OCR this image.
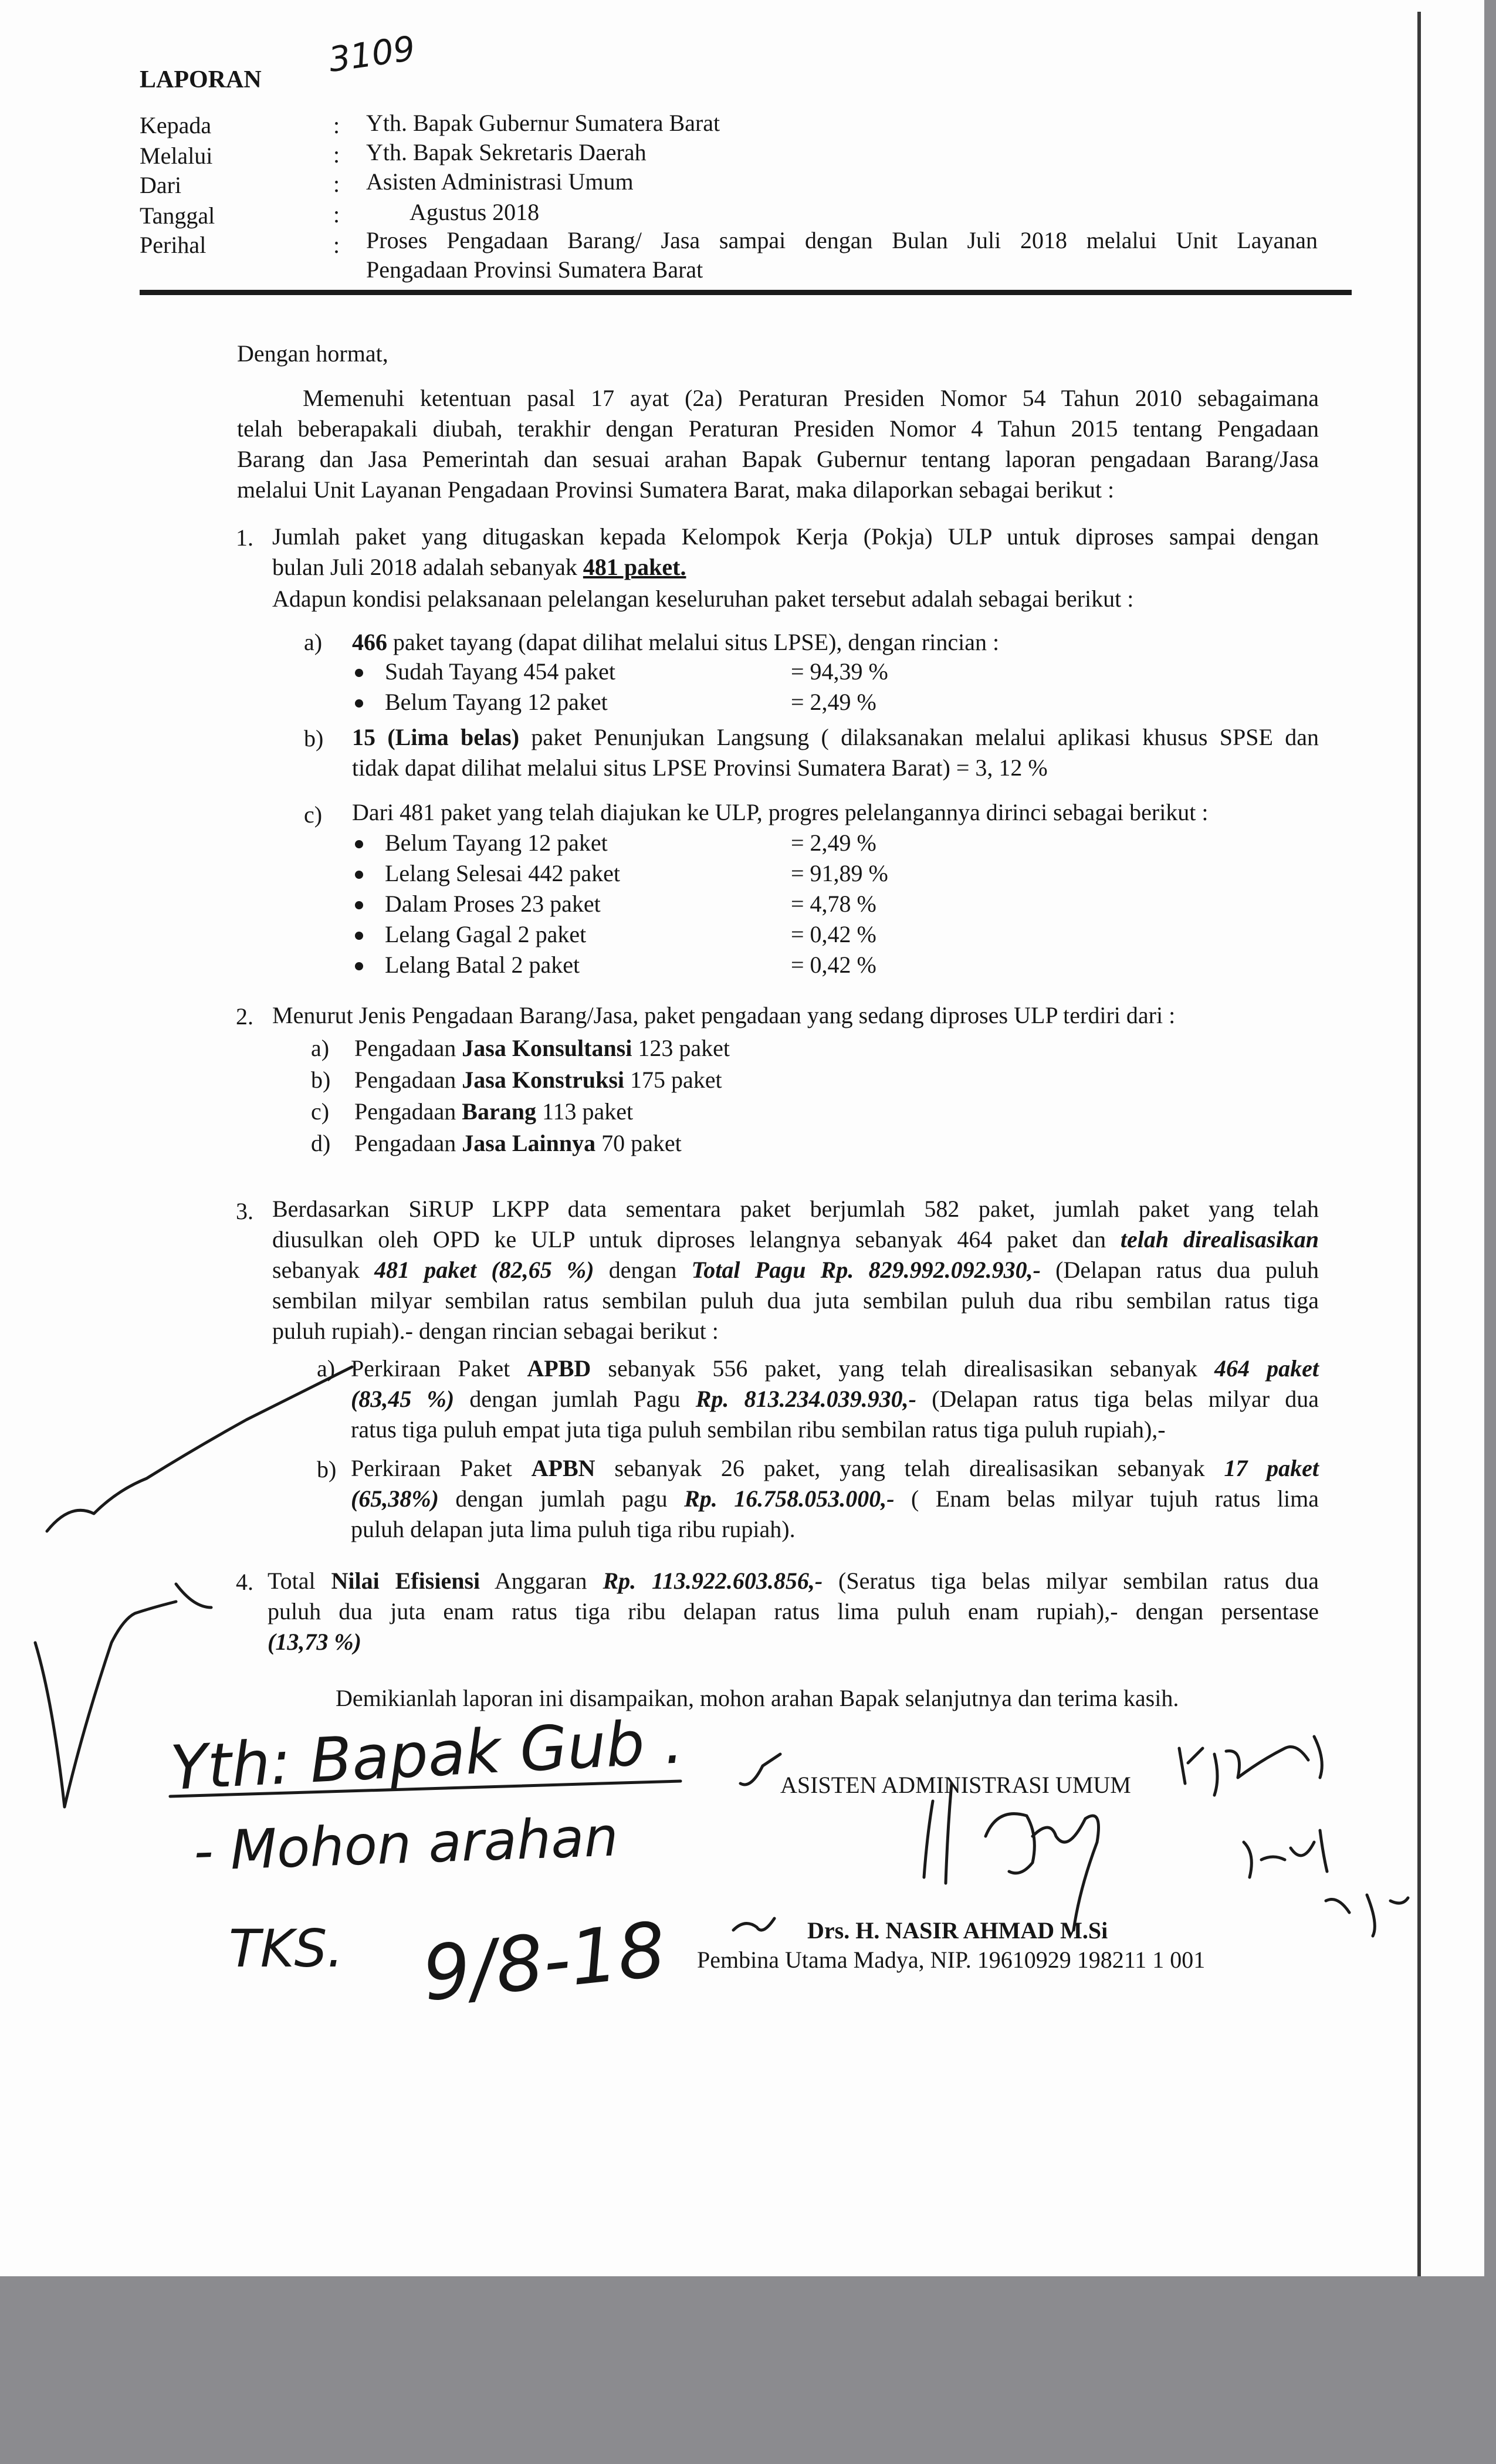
3109
LAPORAN
Kepada	: Yth. Bapak Gubernur Sumatera Barat
Melalui	: Yth. Bapak Sekretaris Daerah
Dari	: Asisten Administrasi Umum
Tanggal	:	Agustus 2018
Perihal	: Proses Pengadaan Barang/ Jasa sampai dengan Bulan Juli 2018 melalui Unit Layanan
Pengadaan Provinsi Sumatera Barat
Dengan hormat,
Memenuhi ketentuan pasal 17 ayat (2a) Peraturan Presiden Nomor 54 Tahun 2010 sebagaimana
telah beberapakali diubah, terakhir dengan Peraturan Presiden Nomor 4 Tahun 2015 tentang Pengadaan
Barang dan Jasa Pemerintah dan sesuai arahan Bapak Gubernur tentang laporan pengadaan Barang/Jasa
melalui Unit Layanan Pengadaan Provinsi Sumatera Barat, maka dilaporkan sebagai berikut :
1. Jumlah paket yang ditugaskan kepada Kelompok Kerja (Pokja) ULP untuk diproses sampai dengan
bulan Juli 2018 adalah sebanyak 481 paket.
Adapun kondisi pelaksanaan pelelangan keseluruhan paket tersebut adalah sebagai berikut :
a) 466 paket tayang (dapat dilihat melalui situs LPSE), dengan rincian :
Sudah Tayang 454 paket	= 94,39 %
Belum Tayang 12 paket	= 2,49 %
b) 15 (Lima belas) paket Penunjukan Langsung ( dilaksanakan melalui aplikasi khusus SPSE dan
tidak dapat dilihat melalui situs LPSE Provinsi Sumatera Barat) = 3, 12 %
c) Dari 481 paket yang telah diajukan ke ULP, progres pelelangannya dirinci sebagai berikut :
Belum Tayang 12 paket	= 2,49 %
Lelang Selesai 442 paket	= 91,89 %
Dalam Proses 23 paket	= 4,78 %
Lelang Gagal 2 paket	= 0,42 %
Lelang Batal 2 paket	= 0,42 %
2. Menurut Jenis Pengadaan Barang/Jasa, paket pengadaan yang sedang diproses ULP terdiri dari :
a) Pengadaan Jasa Konsultansi 123 paket
b) Pengadaan Jasa Konstruksi 175 paket
c) Pengadaan Barang 113 paket
d) Pengadaan Jasa Lainnya 70 paket
3. Berdasarkan SiRUP LKPP data sementara paket berjumlah 582 paket, jumlah paket yang telah
diusulkan oleh OPD ke ULP untuk diproses lelangnya sebanyak 464 paket dan telah direalisasikan
sebanyak 481 paket (82,65 %) dengan Total Pagu Rp. 829.992.092.930,- (Delapan ratus dua puluh
sembilan milyar sembilan ratus sembilan puluh dua juta sembilan puluh dua ribu sembilan ratus tiga
puluh rupiah).- dengan rincian sebagai berikut :
a) Perkiraan Paket APBD sebanyak 556 paket, yang telah direalisasikan sebanyak 464 paket
(83,45 %) dengan jumlah Pagu Rp. 813.234.039.930,- (Delapan ratus tiga belas milyar dua
ratus tiga puluh empat juta tiga puluh sembilan ribu sembilan ratus tiga puluh rupiah),-
b) Perkiraan Paket APBN sebanyak 26 paket, yang telah direalisasikan sebanyak 17 paket
(65,38%) dengan jumlah pagu Rp. 16.758.053.000,- ( Enam belas milyar tujuh ratus lima
puluh delapan juta lima puluh tiga ribu rupiah).
4. Total Nilai Efisiensi Anggaran Rp. 113.922.603.856,- (Seratus tiga belas milyar sembilan ratus dua
puluh dua juta enam ratus tiga ribu delapan ratus lima puluh enam rupiah),- dengan persentase
(13,73 %)
Demikianlah laporan ini disampaikan, mohon arahan Bapak selanjutnya dan terima kasih.
ASISTEN ADMINISTRASI UMUM
Drs. H. NASIR AHMAD M.Si
Pembina Utama Madya, NIP. 19610929 198211 1 001
Yth: Bapak Gub .
- Mohon arahan
TKS. 9/8-18
